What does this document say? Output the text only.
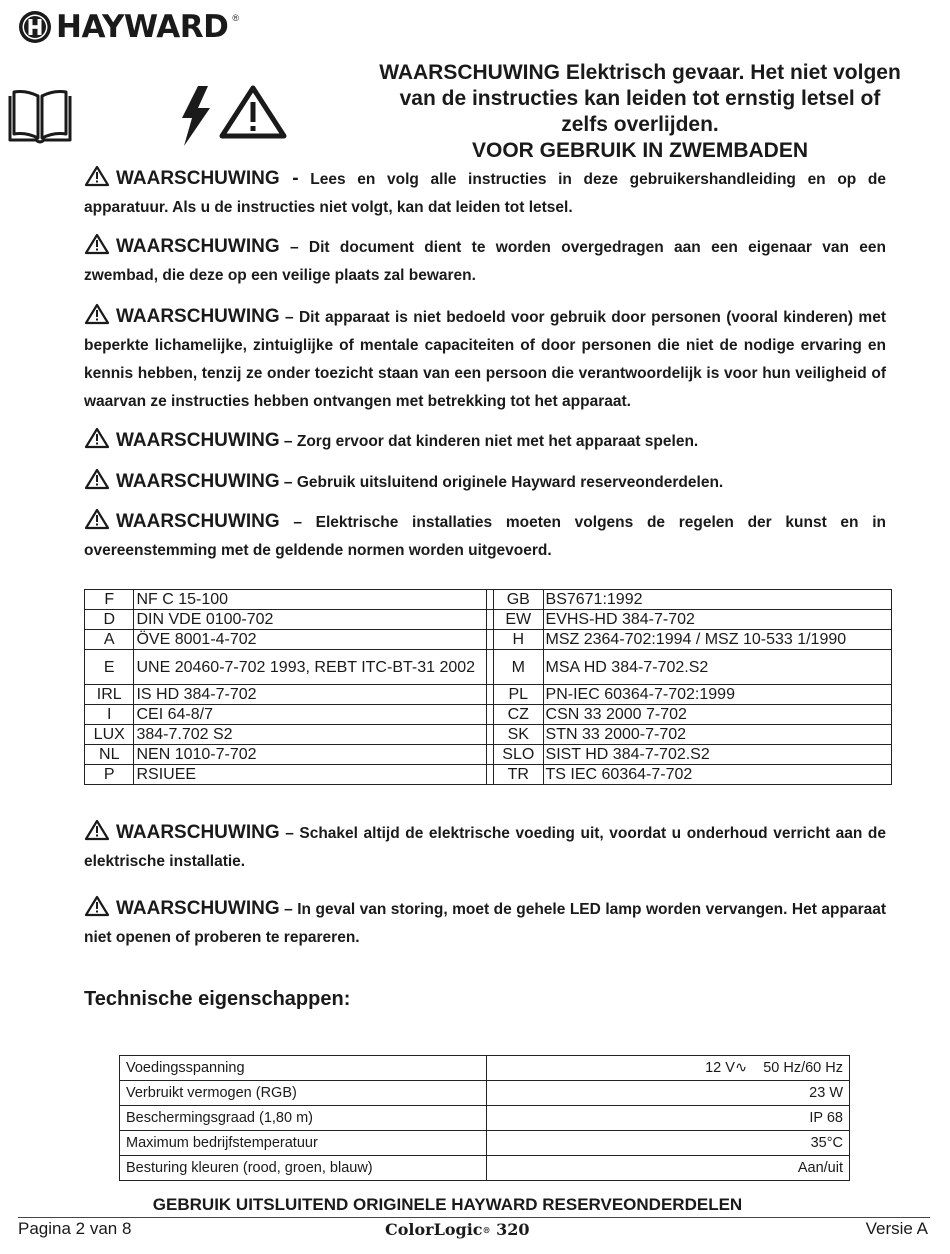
HAYWARD ®
WAARSCHUWING Elektrisch gevaar. Het niet volgen
van de instructies kan leiden tot ernstig letsel of
zelfs overlijden.
VOOR GEBRUIK IN ZWEMBADEN
WAARSCHUWING - Lees en volg alle instructies in deze gebruikershandleiding en op de apparatuur. Als u de instructies niet volgt, kan dat leiden tot letsel.
WAARSCHUWING – Dit document dient te worden overgedragen aan een eigenaar van een zwembad, die deze op een veilige plaats zal bewaren.
WAARSCHUWING – Dit apparaat is niet bedoeld voor gebruik door personen (vooral kinderen) met beperkte lichamelijke, zintuiglijke of mentale capaciteiten of door personen die niet de nodige ervaring en kennis hebben, tenzij ze onder toezicht staan van een persoon die verantwoordelijk is voor hun veiligheid of waarvan ze instructies hebben ontvangen met betrekking tot het apparaat.
WAARSCHUWING – Zorg ervoor dat kinderen niet met het apparaat spelen.
WAARSCHUWING – Gebruik uitsluitend originele Hayward reserveonderdelen.
WAARSCHUWING – Elektrische installaties moeten volgens de regelen der kunst en in overeenstemming met de geldende normen worden uitgevoerd.
F	NF C 15-100		GB	BS7671:1992
D	DIN VDE 0100-702		EW	EVHS-HD 384-7-702
A	ÖVE 8001-4-702		H	MSZ 2364-702:1994 / MSZ 10-533 1/1990
E	UNE 20460-7-702 1993, REBT ITC-BT-31 2002		M	MSA HD 384-7-702.S2
IRL	IS HD 384-7-702		PL	PN-IEC 60364-7-702:1999
I	CEI 64-8/7		CZ	CSN 33 2000 7-702
LUX	384-7.702 S2		SK	STN 33 2000-7-702
NL	NEN 1010-7-702		SLO	SIST HD 384-7-702.S2
P	RSIUEE		TR	TS IEC 60364-7-702
WAARSCHUWING – Schakel altijd de elektrische voeding uit, voordat u onderhoud verricht aan de elektrische installatie.
WAARSCHUWING – In geval van storing, moet de gehele LED lamp worden vervangen. Het apparaat niet openen of proberen te repareren.
Technische eigenschappen:
Voedingsspanning	12 V∿    50 Hz/60 Hz
Verbruikt vermogen (RGB)	23 W
Beschermingsgraad (1,80 m)	IP 68
Maximum bedrijfstemperatuur	35°C
Besturing kleuren (rood, groen, blauw)	Aan/uit
GEBRUIK UITSLUITEND ORIGINELE HAYWARD RESERVEONDERDELEN
Pagina 2 van 8	ColorLogic® 320	Versie A
